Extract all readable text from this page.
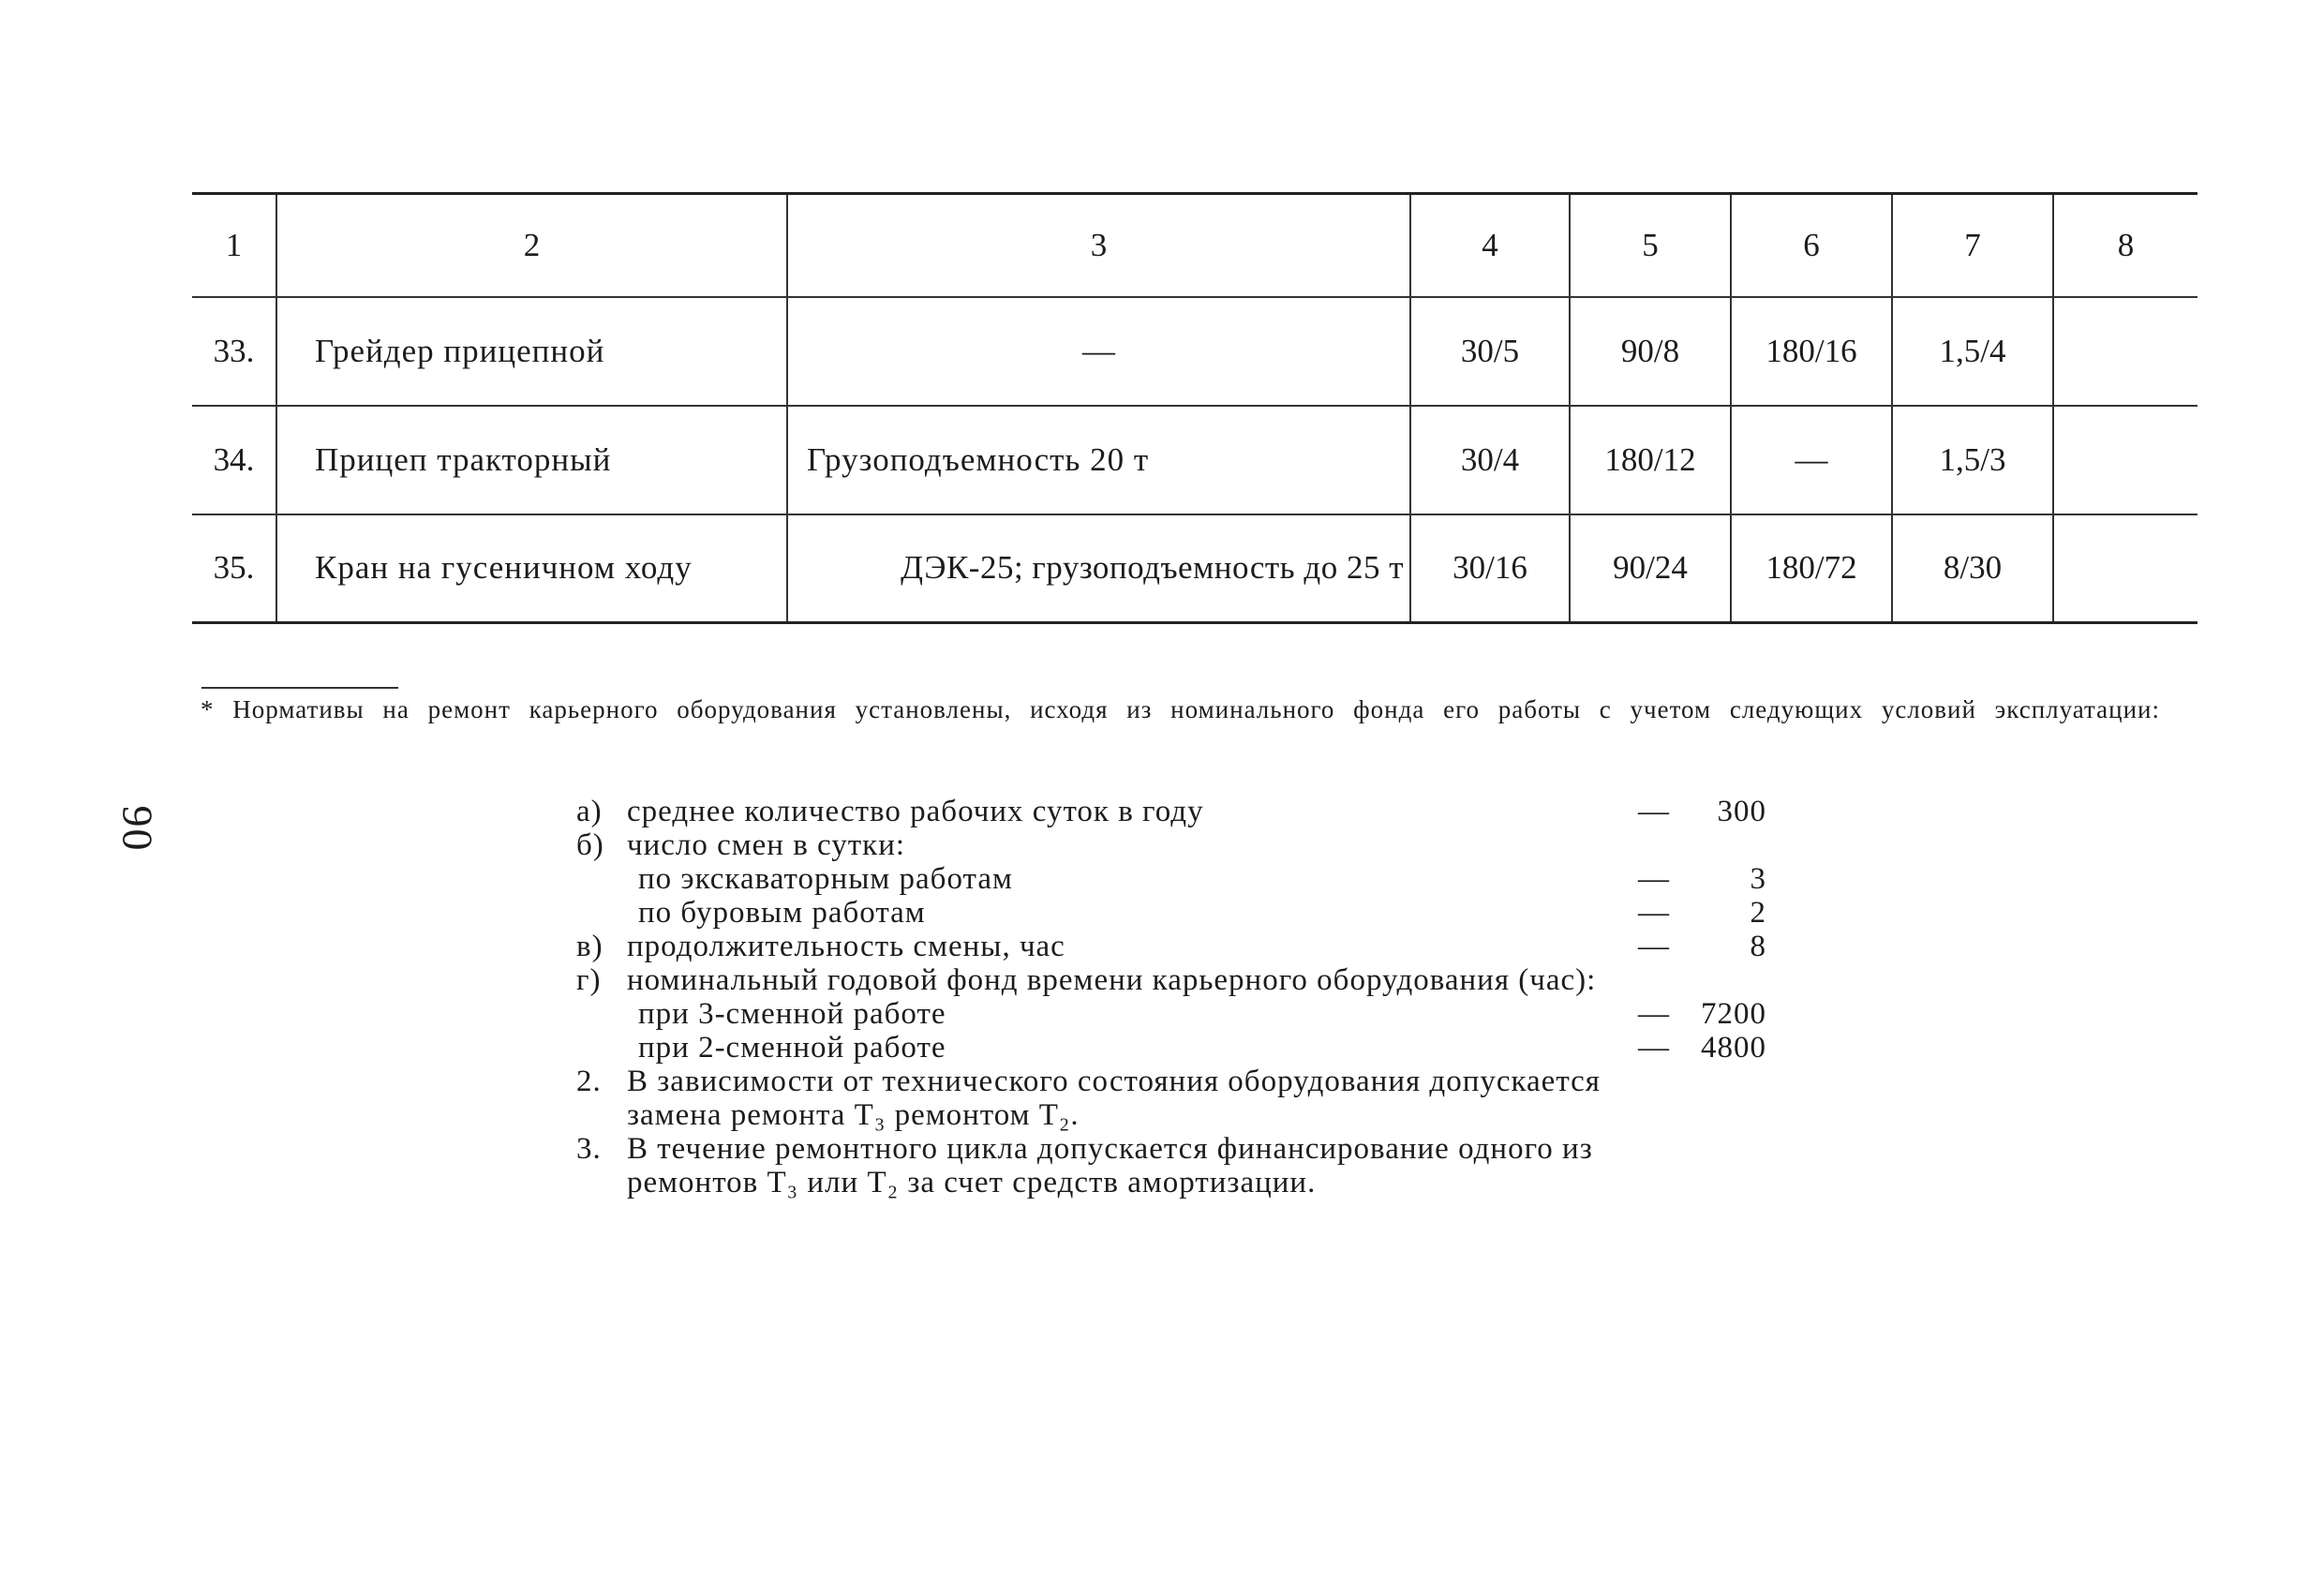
90
1	2	3	4	5	6	7	8
33.	Грейдер прицепной	—	30/5	90/8	180/16	1,5/4	
34.	Прицеп тракторный	Грузоподъемность 20 т	30/4	180/12	—	1,5/3	
35.	Кран на гусеничном ходу	ДЭК-25; грузоподъемность до 25 т	30/16	90/24	180/72	8/30	
* Нормативы на ремонт карьерного оборудования установлены, исходя из номинального фонда его работы с учетом следующих условий эксплуатации:
а) среднее количество рабочих суток в году	—	300
б) число смен в сутки:
по экскаваторным работам	—	3
по буровым работам	—	2
в) продолжительность смены, час	—	8
г) номинальный годовой фонд времени карьерного оборудования (час):
при 3-сменной работе	—	7200
при 2-сменной работе	—	4800
2. В зависимости от технического состояния оборудования допускается замена ремонта T₃ ремонтом T₂.
3. В течение ремонтного цикла допускается финансирование одного из ремонтов T₃ или T₂ за счет средств амортизации.
